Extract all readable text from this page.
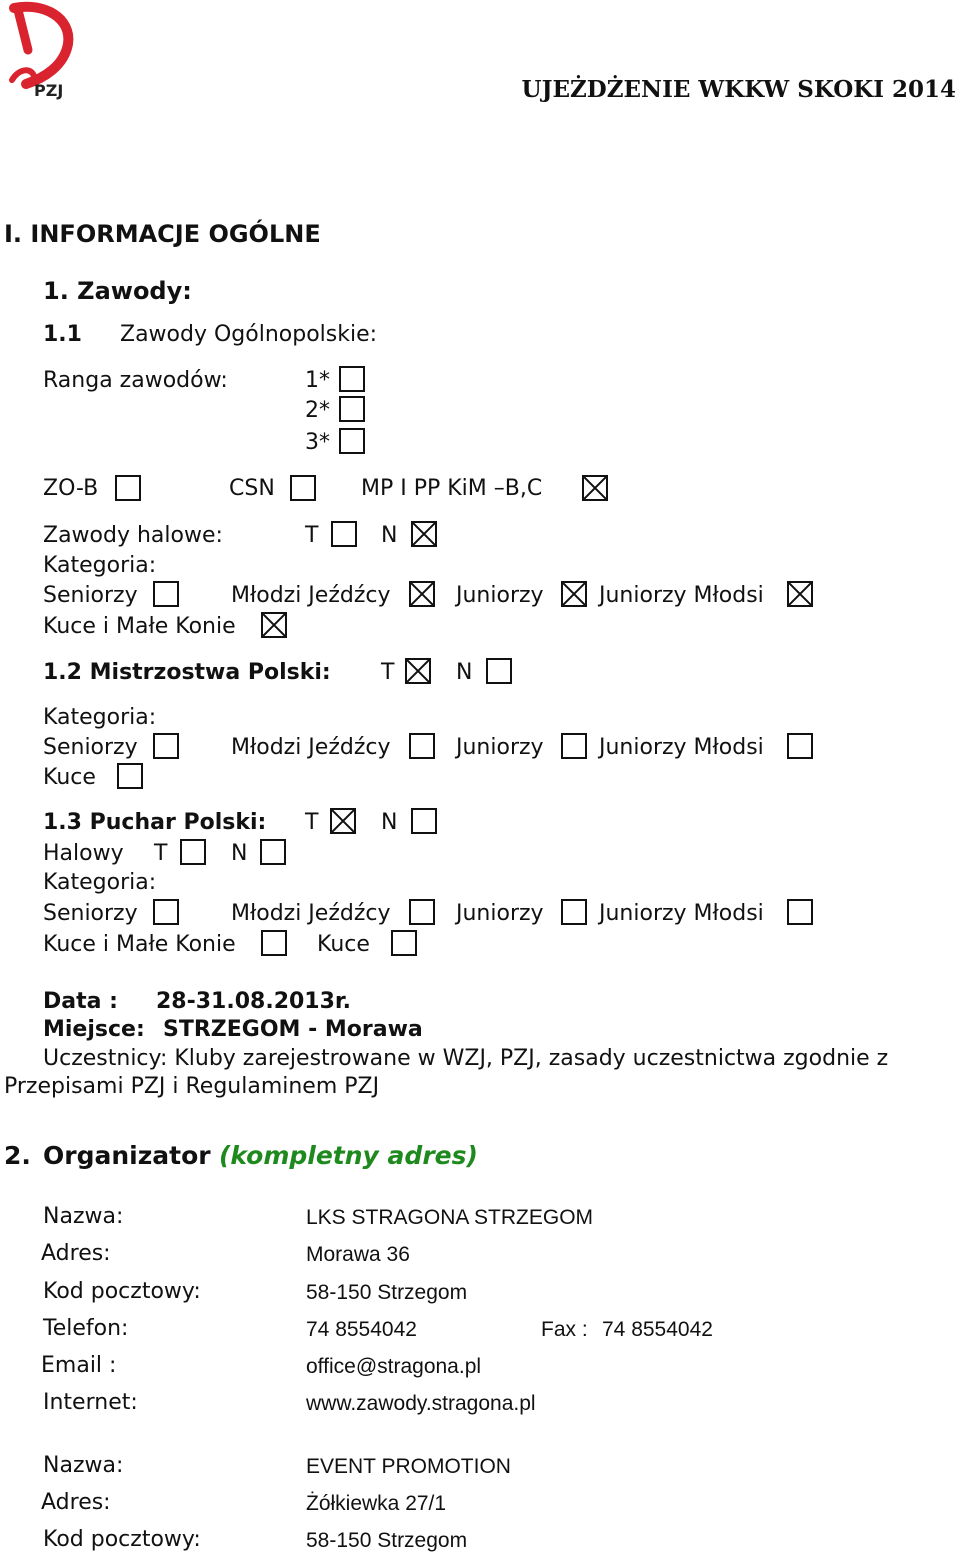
PZJ	UJEŻDŻENIE WKKW SKOKI 2014
I. INFORMACJE OGÓLNE
1. Zawody:
1.1 Zawody Ogólnopolskie:
Ranga zawodów:	1*
2*
3*
ZO-B	CSN	MP I PP KiM –B,C
Zawody halowe:	T	N
Kategoria:
Seniorzy	Młodzi Jeźdźcy	Juniorzy	Juniorzy Młodsi
Kuce i Małe Konie
1.2 Mistrzostwa Polski: T	N
Kategoria:
Seniorzy	Młodzi Jeźdźcy	Juniorzy	Juniorzy Młodsi
Kuce
1.3 Puchar Polski: T	N
Halowy T	N
Kategoria:
Seniorzy	Młodzi Jeźdźcy	Juniorzy	Juniorzy Młodsi
Kuce i Małe Konie	Kuce
Data : 28-31.08.2013r.
Miejsce: STRZEGOM - Morawa
Uczestnicy: Kluby zarejestrowane w WZJ, PZJ, zasady uczestnictwa zgodnie z
Przepisami PZJ i Regulaminem PZJ
2. Organizator (kompletny adres)
Nazwa:	LKS STRAGONA STRZEGOM
Adres:	Morawa 36
Kod pocztowy:	58-150 Strzegom
Telefon:	74 8554042	Fax : 74 8554042
Email :	office@stragona.pl
Internet:	www.zawody.stragona.pl
Nazwa:	EVENT PROMOTION
Adres:	Żółkiewka 27/1
Kod pocztowy:	58-150 Strzegom
